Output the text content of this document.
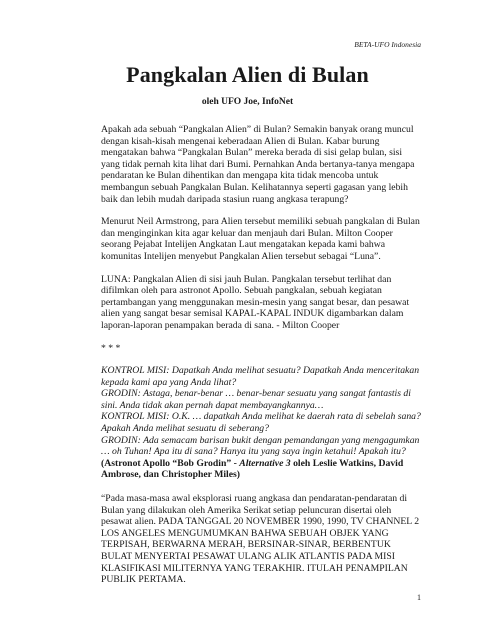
BETA-UFO Indonesia
Pangkalan Alien di Bulan
oleh UFO Joe, InfoNet

Apakah ada sebuah “Pangkalan Alien” di Bulan? Semakin banyak orang muncul dengan kisah-kisah mengenai keberadaan Alien di Bulan. Kabar burung mengatakan bahwa “Pangkalan Bulan” mereka berada di sisi gelap bulan, sisi yang tidak pernah kita lihat dari Bumi. Pernahkan Anda bertanya-tanya mengapa pendaratan ke Bulan dihentikan dan mengapa kita tidak mencoba untuk membangun sebuah Pangkalan Bulan. Kelihatannya seperti gagasan yang lebih baik dan lebih mudah daripada stasiun ruang angkasa terapung?

Menurut Neil Armstrong, para Alien tersebut memiliki sebuah pangkalan di Bulan dan menginginkan kita agar keluar dan menjauh dari Bulan. Milton Cooper seorang Pejabat Intelijen Angkatan Laut mengatakan kepada kami bahwa komunitas Intelijen menyebut Pangkalan Alien tersebut sebagai “Luna”.

LUNA: Pangkalan Alien di sisi jauh Bulan. Pangkalan tersebut terlihat dan difilmkan oleh para astronot Apollo. Sebuah pangkalan, sebuah kegiatan pertambangan yang menggunakan mesin-mesin yang sangat besar, dan pesawat alien yang sangat besar semisal KAPAL-KAPAL INDUK digambarkan dalam laporan-laporan penampakan berada di sana. - Milton Cooper

* * *

KONTROL MISI: Dapatkah Anda melihat sesuatu? Dapatkah Anda menceritakan kepada kami apa yang Anda lihat?
GRODIN: Astaga, benar-benar … benar-benar sesuatu yang sangat fantastis di sini. Anda tidak akan pernah dapat membayangkannya…
KONTROL MISI: O.K. … dapatkah Anda melihat ke daerah rata di sebelah sana? Apakah Anda melihat sesuatu di seberang?
GRODIN: Ada semacam barisan bukit dengan pemandangan yang mengagumkan … oh Tuhan! Apa itu di sana? Hanya itu yang saya ingin ketahui! Apakah itu?
(Astronot Apollo “Bob Grodin” - Alternative 3 oleh Leslie Watkins, David Ambrose, dan Christopher Miles)

“Pada masa-masa awal eksplorasi ruang angkasa dan pendaratan-pendaratan di Bulan yang dilakukan oleh Amerika Serikat setiap peluncuran disertai oleh pesawat alien. PADA TANGGAL 20 NOVEMBER 1990, 1990, TV CHANNEL 2 LOS ANGELES MENGUMUMKAN BAHWA SEBUAH OBJEK YANG TERPISAH, BERWARNA MERAH, BERSINAR-SINAR, BERBENTUK BULAT MENYERTAI PESAWAT ULANG ALIK ATLANTIS PADA MISI KLASIFIKASI MILITERNYA YANG TERAKHIR. ITULAH PENAMPILAN PUBLIK PERTAMA.

1
